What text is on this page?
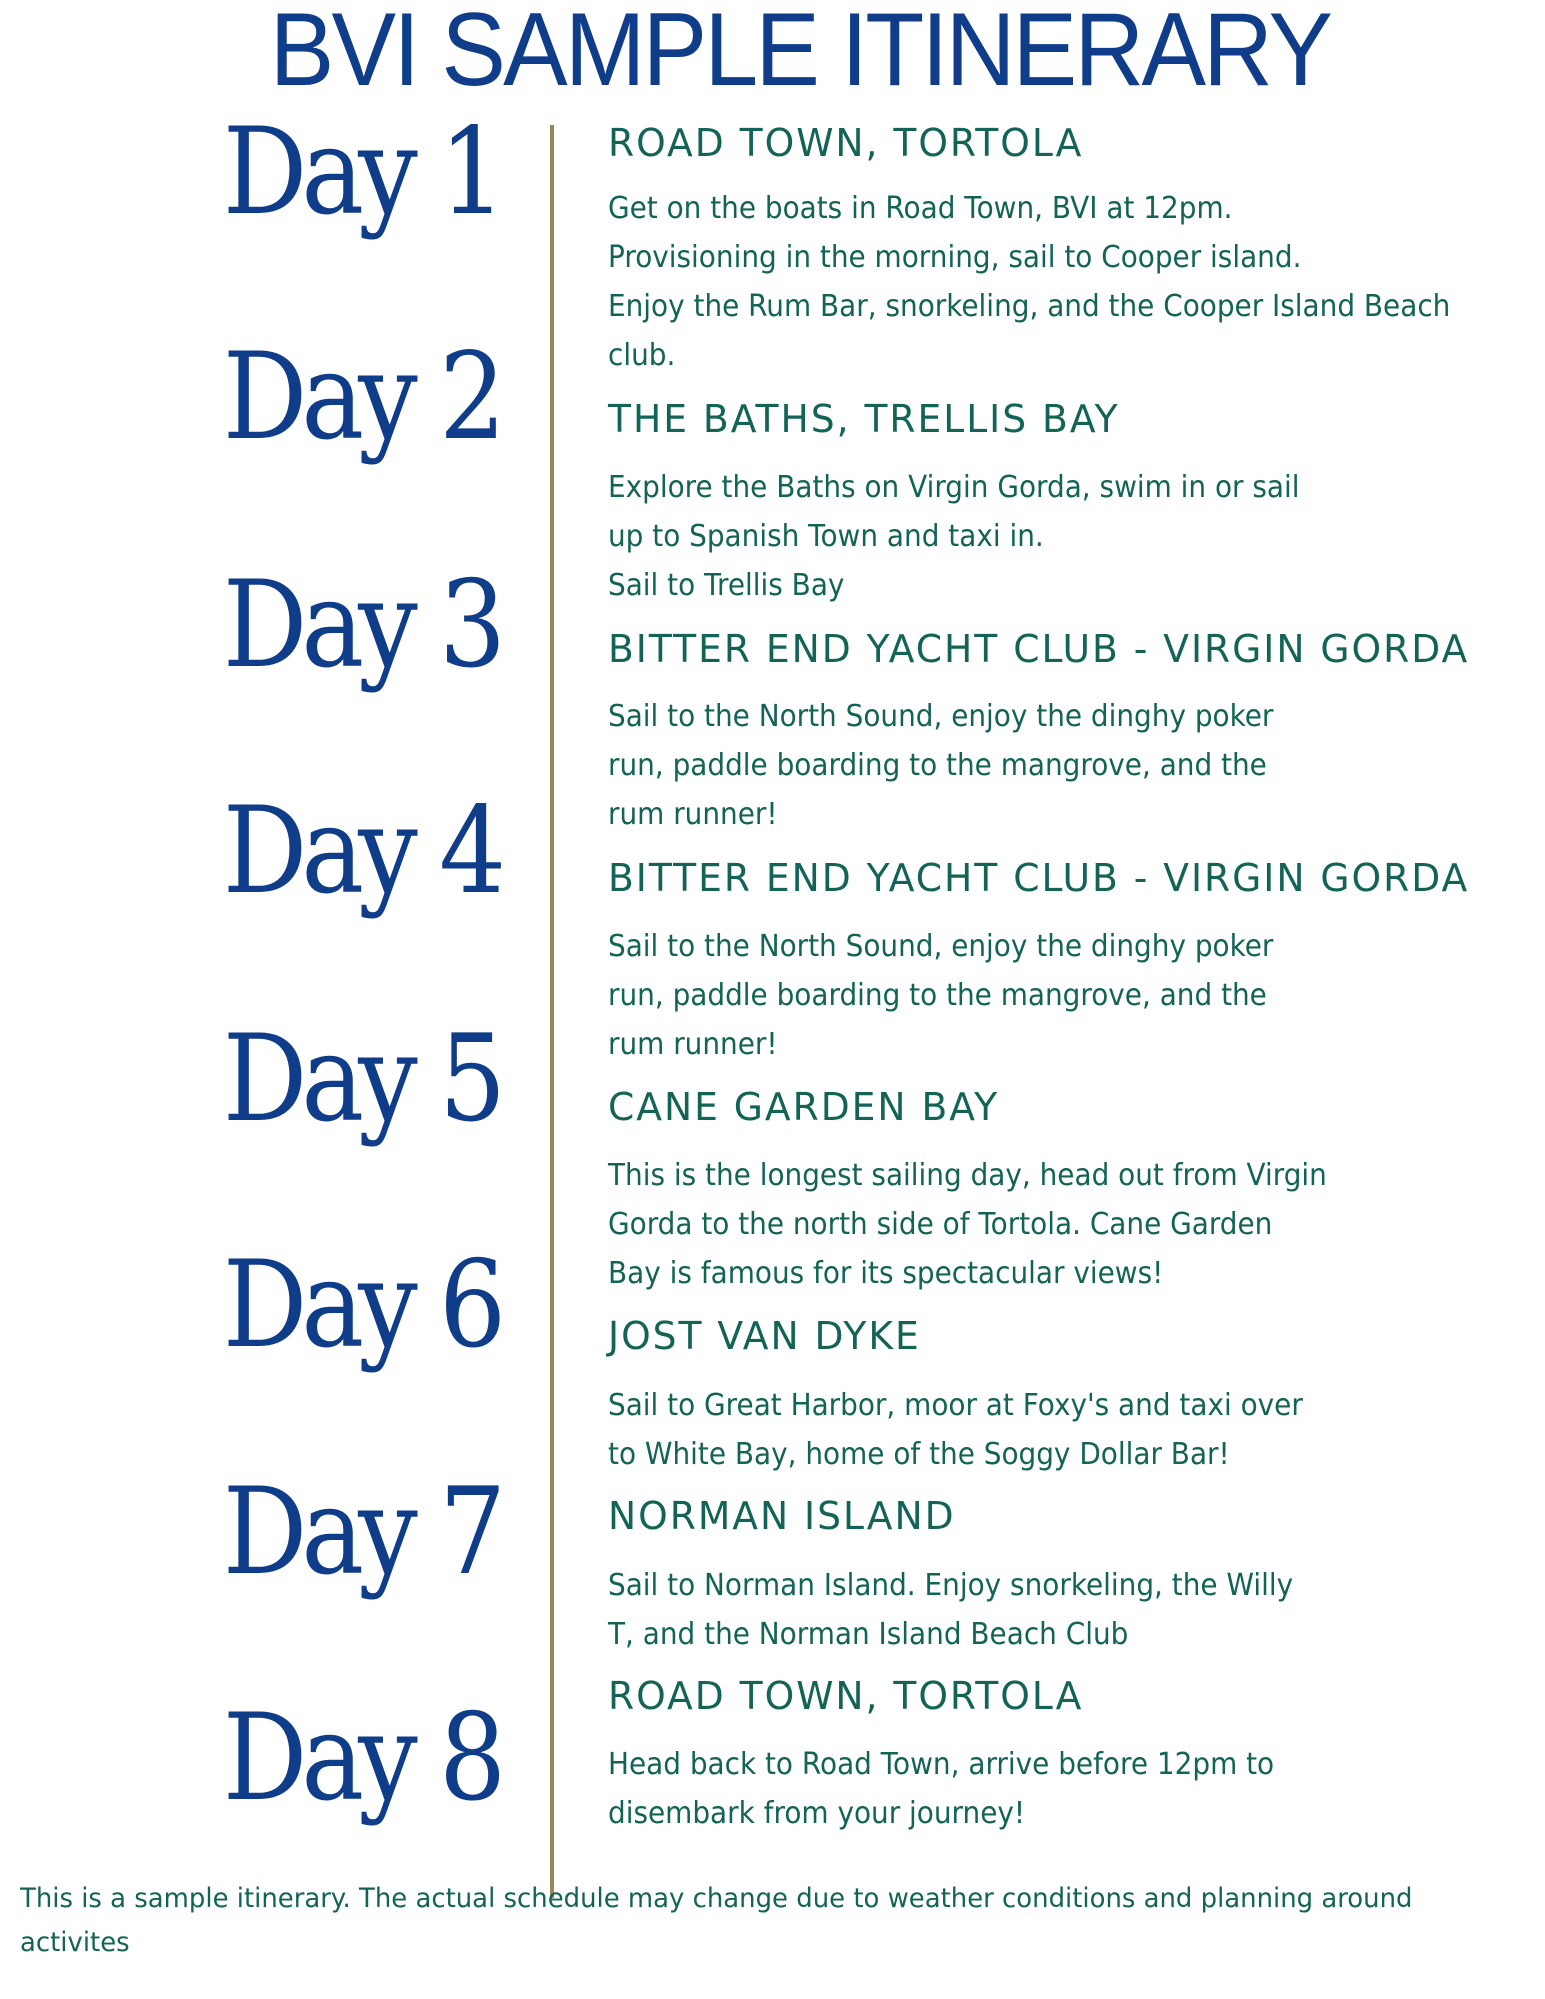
BVI SAMPLE ITINERARY
Day 1
Day 2
Day 3
Day 4
Day 5
Day 6
Day 7
Day 8
ROAD TOWN, TORTOLA
Get on the boats in Road Town, BVI at 12pm.
Provisioning in the morning, sail to Cooper island.
Enjoy the Rum Bar, snorkeling, and the Cooper Island Beach
club.
THE BATHS, TRELLIS BAY
Explore the Baths on Virgin Gorda, swim in or sail
up to Spanish Town and taxi in.
Sail to Trellis Bay
BITTER END YACHT CLUB - VIRGIN GORDA
Sail to the North Sound, enjoy the dinghy poker
run, paddle boarding to the mangrove, and the
rum runner!
BITTER END YACHT CLUB - VIRGIN GORDA
Sail to the North Sound, enjoy the dinghy poker
run, paddle boarding to the mangrove, and the
rum runner!
CANE GARDEN BAY
This is the longest sailing day, head out from Virgin
Gorda to the north side of Tortola. Cane Garden
Bay is famous for its spectacular views!
JOST VAN DYKE
Sail to Great Harbor, moor at Foxy's and taxi over
to White Bay, home of the Soggy Dollar Bar!
NORMAN ISLAND
Sail to Norman Island. Enjoy snorkeling, the Willy
T, and the Norman Island Beach Club
ROAD TOWN, TORTOLA
Head back to Road Town, arrive before 12pm to
disembark from your journey!
This is a sample itinerary. The actual schedule may change due to weather conditions and planning around
activites
